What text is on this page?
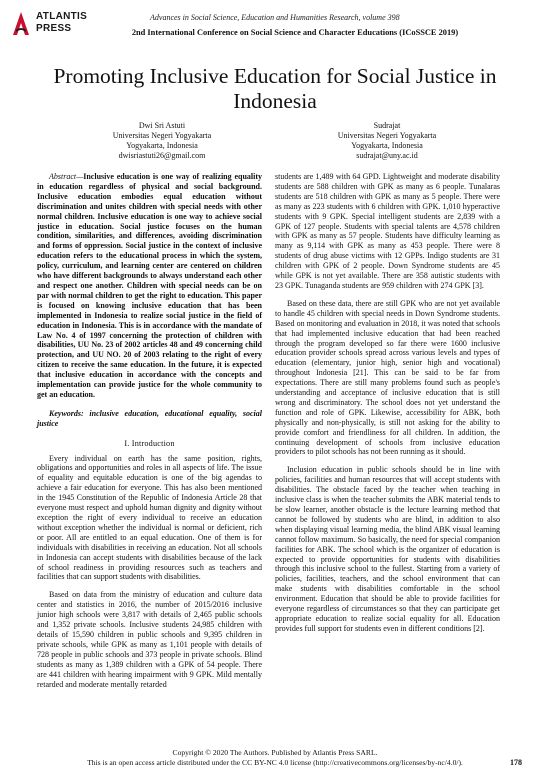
ATLANTIS
PRESS
Advances in Social Science, Education and Humanities Research, volume 398
2nd International Conference on Social Science and Character Educations (ICoSSCE 2019)
Promoting Inclusive Education for Social Justice in Indonesia
Dwi Sri Astuti
Universitas Negeri Yogyakarta
Yogyakarta, Indonesia
dwisriastuti26@gmail.com
Sudrajat
Universitas Negeri Yogyakarta
Yogyakarta, Indonesia
sudrajat@uny.ac.id

Abstract—Inclusive education is one way of realizing equality in education regardless of physical and social background. Inclusive education embodies equal education without discrimination and unites children with special needs with other normal children. Inclusive education is one way to achieve social justice in education. Social justice focuses on the human condition, similarities, and differences, avoiding discrimination and forms of oppression. Social justice in the context of inclusive education refers to the educational process in which the system, policy, curriculum, and learning center are centered on children who have different backgrounds to always understand each other and respect one another. Children with special needs can be on par with normal children to get the right to education. This paper is focused on knowing inclusive education that has been implemented in Indonesia to realize social justice in the field of education in Indonesia. This is in accordance with the mandate of Law No. 4 of 1997 concerning the protection of children with disabilities, UU No. 23 of 2002 articles 48 and 49 concerning child protection, and UU NO. 20 of 2003 relating to the right of every citizen to receive the same education. In the future, it is expected that inclusive education in accordance with the concepts and implementation can provide justice for the whole community to get an education.

Keywords: inclusive education, educational equality, social justice

I. Introduction

Every individual on earth has the same position, rights, obligations and opportunities and roles in all aspects of life. The issue of equality and equitable education is one of the big agendas to achieve a fair education for everyone. This has also been mentioned in the 1945 Constitution of the Republic of Indonesia Article 28 that everyone must respect and uphold human dignity and dignity without exception the right of every individual to receive an education without exception whether the individual is normal or deficient, rich or poor. All are entitled to an equal education. One of them is for individuals with disabilities in receiving an education. Not all schools in Indonesia can accept students with disabilities because of the lack of school readiness in providing resources such as teachers and facilities that can support students with disabilities.

Based on data from the ministry of education and culture data center and statistics in 2016, the number of 2015/2016 inclusive junior high schools were 3,817 with details of 2,465 public schools and 1,352 private schools. Inclusive students 24,985 children with details of 15,590 children in public schools and 9,395 children in private schools, while GPK as many as 1,101 people with details of 728 people in public schools and 373 people in private schools. Blind students as many as 1,389 children with a GPK of 54 people. There are 441 children with hearing impairment with 9 GPK. Mild mentally retarded and moderate mentally retarded

students are 1,489 with 64 GPD. Lightweight and moderate disability students are 588 children with GPK as many as 6 people. Tunalaras students are 518 children with GPK as many as 5 people. There were as many as 223 students with 6 children with GPK. 1,010 hyperactive students with 9 GPK. Special intelligent students are 2,839 with a GPK of 127 people. Students with special talents are 4,578 children with GPK as many as 57 people. Students have difficulty learning as many as 9,114 with GPK as many as 453 people. There were 8 students of drug abuse victims with 12 GPPs. Indigo students are 31 children with GPK of 2 people. Down Syndrome students are 45 while GPK is not yet available. There are 358 autistic students with 23 GPK. Tunaganda students are 959 children with 274 GPK [3].

Based on these data, there are still GPK who are not yet available to handle 45 children with special needs in Down Syndrome students. Based on monitoring and evaluation in 2018, it was noted that schools that had implemented inclusive education that had been reached through the program developed so far there were 1600 inclusive education provider schools spread across various levels and types of education (elementary, junior high, senior high and vocational) throughout Indonesia [21]. This can be said to be far from expectations. There are still many problems found such as people's understanding and acceptance of inclusive education that is still wrong and discriminatory. The school does not yet understand the function and role of GPK. Likewise, accessibility for ABK, both physically and non-physically, is still not asking for the ability to provide comfort and friendliness for all children. In addition, the continuing development of schools from inclusive education providers to pilot schools has not been running as it should.

Inclusion education in public schools should be in line with policies, facilities and human resources that will accept students with disabilities. The obstacle faced by the teacher when teaching in inclusive class is when the teacher submits the ABK material tends to be slow learner, another obstacle is the lecture learning method that cannot be followed by students who are blind, in addition to also when displaying visual learning media, the blind ABK visual learning cannot follow maximum. So basically, the need for special companion facilities for ABK. The school which is the organizer of education is expected to provide opportunities for students with disabilities through this inclusive school to the fullest. Starting from a variety of policies, facilities, teachers, and the school environment that can make students with disabilities comfortable in the school environment. Education that should be able to provide facilities for everyone regardless of circumstances so that they can participate get appropriate education to realize social equality for all. Education provides full support for students even in different conditions [2].

Copyright © 2020 The Authors. Published by Atlantis Press SARL.
This is an open access article distributed under the CC BY-NC 4.0 license (http://creativecommons.org/licenses/by-nc/4.0/).	178
